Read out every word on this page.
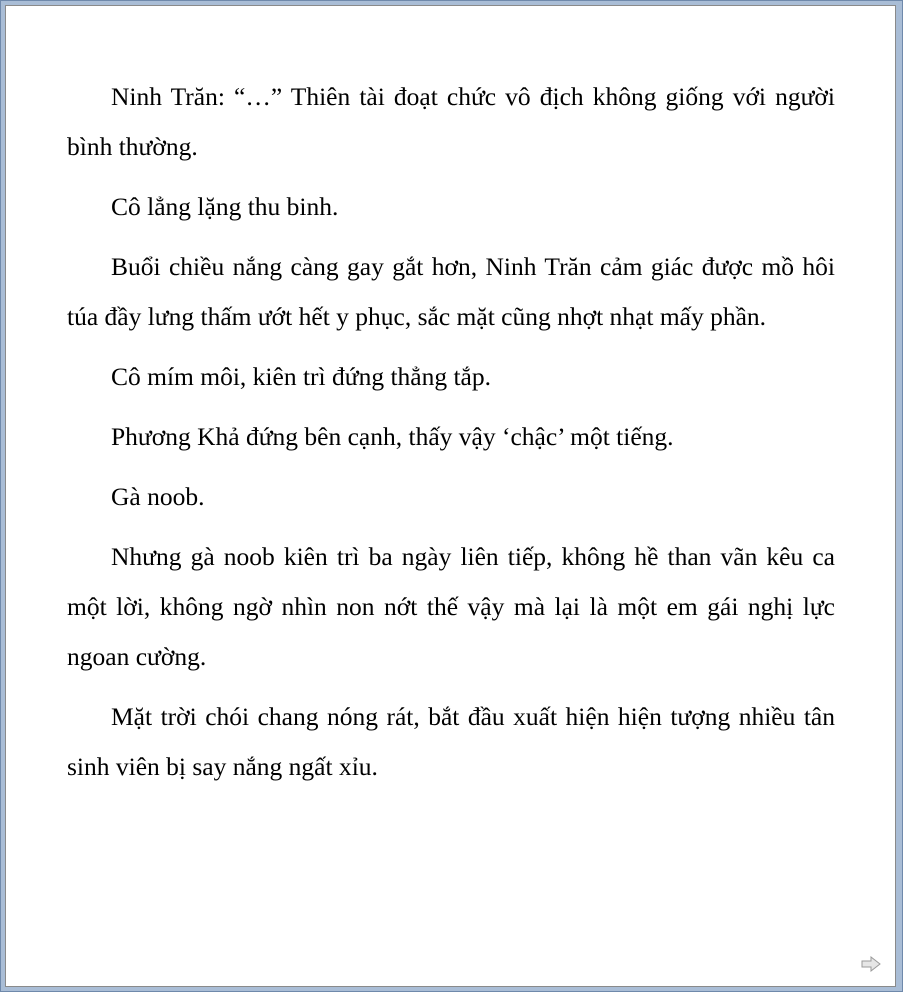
Ninh Trăn: “…” Thiên tài đoạt chức vô địch không giống với người bình thường.

Cô lẳng lặng thu binh.

Buổi chiều nắng càng gay gắt hơn, Ninh Trăn cảm giác được mồ hôi túa đầy lưng thấm ướt hết y phục, sắc mặt cũng nhợt nhạt mấy phần.

Cô mím môi, kiên trì đứng thẳng tắp.

Phương Khả đứng bên cạnh, thấy vậy ‘chậc’ một tiếng.

Gà noob.

Nhưng gà noob kiên trì ba ngày liên tiếp, không hề than vãn kêu ca một lời, không ngờ nhìn non nớt thế vậy mà lại là một em gái nghị lực ngoan cường.

Mặt trời chói chang nóng rát, bắt đầu xuất hiện hiện tượng nhiều tân sinh viên bị say nắng ngất xỉu.
